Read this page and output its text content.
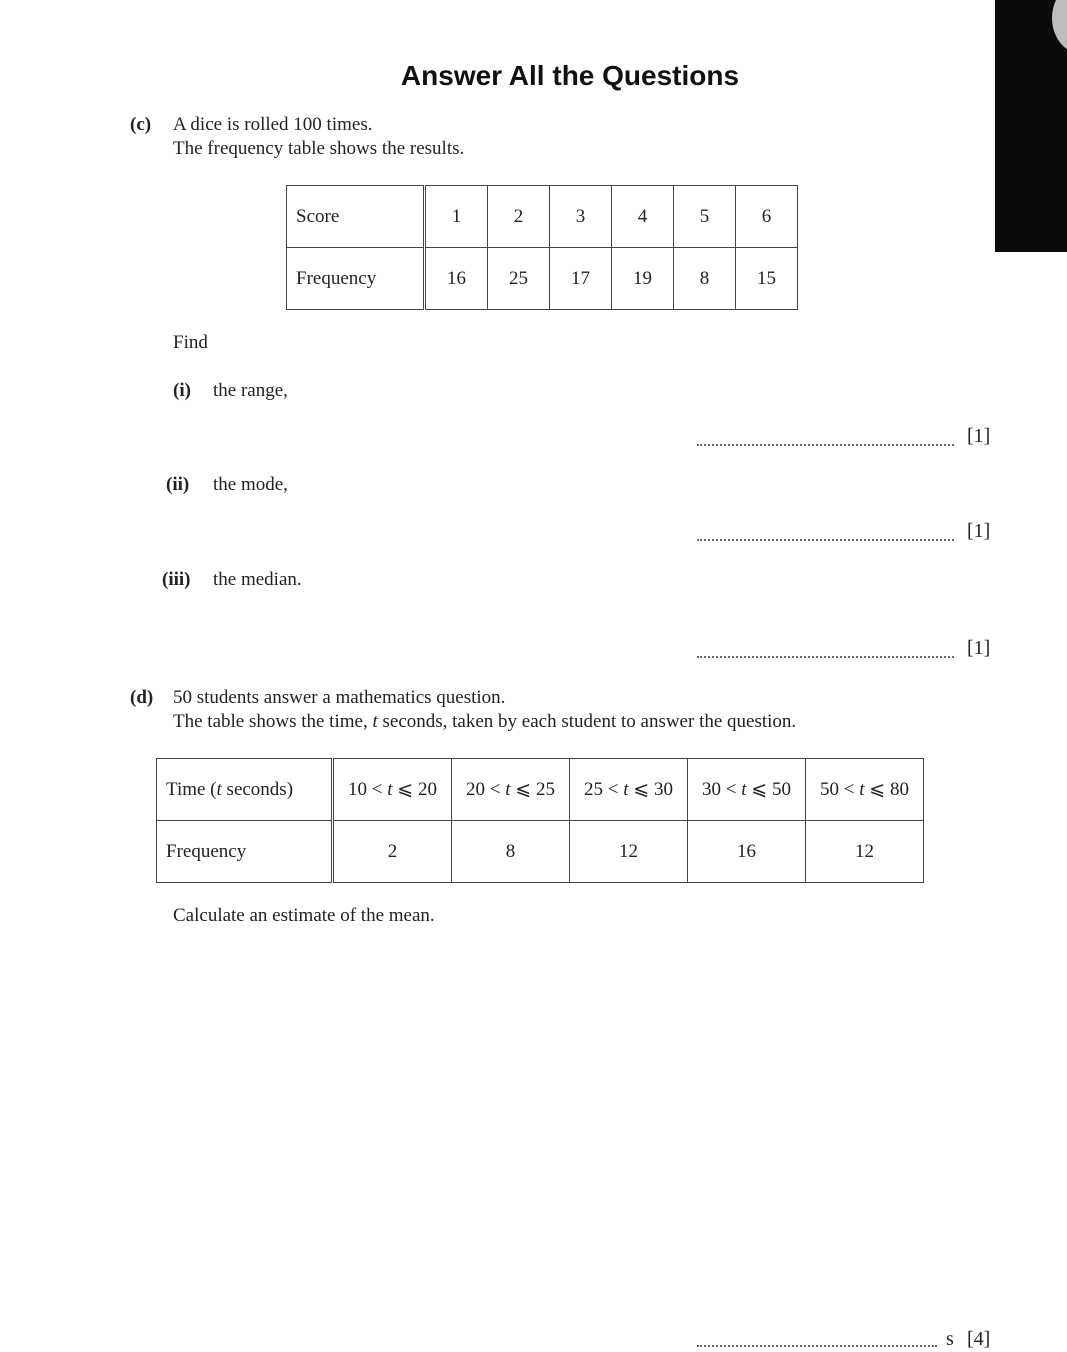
Answer All the Questions
(c) A dice is rolled 100 times.
The frequency table shows the results.
Score	1	2	3	4	5	6
Frequency	16	25	17	19	8	15
Find
(i) the range,
[1]
(ii) the mode,
[1]
(iii) the median.
[1]
(d) 50 students answer a mathematics question.
The table shows the time, t seconds, taken by each student to answer the question.
Time (t seconds)	10 < t ⩽ 20	20 < t ⩽ 25	25 < t ⩽ 30	30 < t ⩽ 50	50 < t ⩽ 80
Frequency	2	8	12	16	12
Calculate an estimate of the mean.
s [4]
